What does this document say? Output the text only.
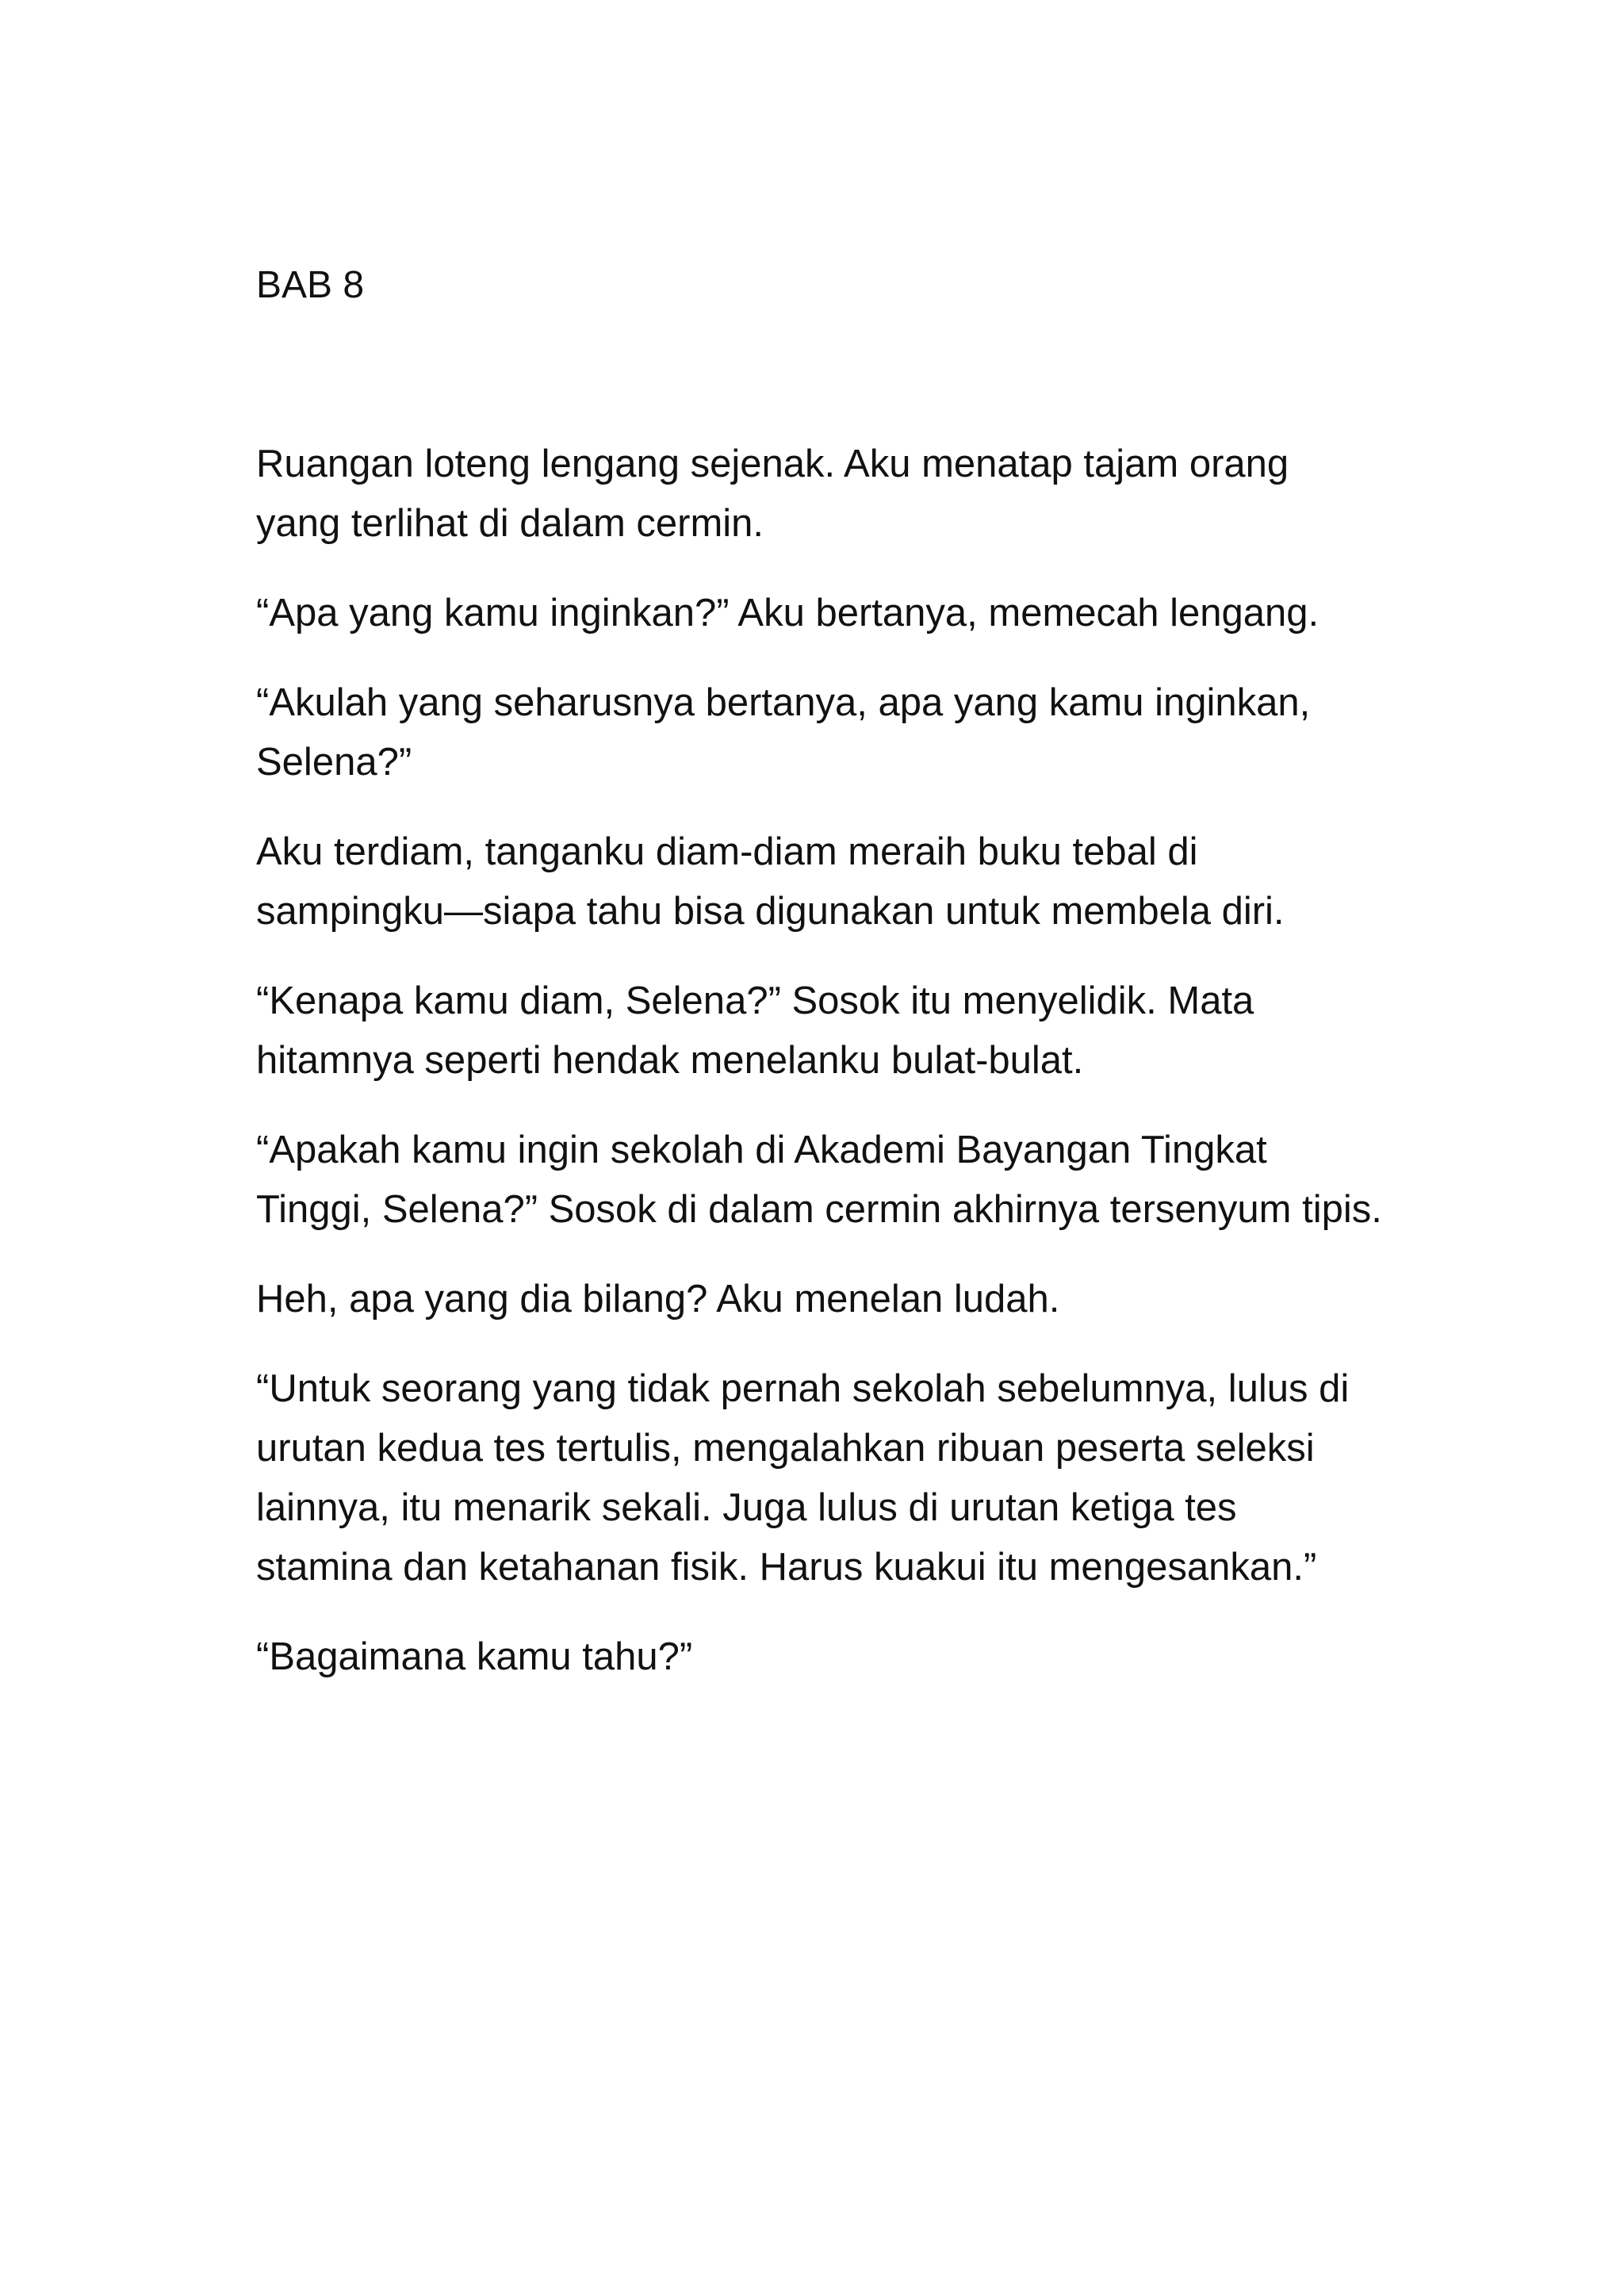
BAB 8

Ruangan loteng lengang sejenak. Aku menatap tajam orang yang terlihat di dalam cermin.

“Apa yang kamu inginkan?” Aku bertanya, memecah lengang.

“Akulah yang seharusnya bertanya, apa yang kamu inginkan, Selena?”

Aku terdiam, tanganku diam-diam meraih buku tebal di sampingku—siapa tahu bisa digunakan untuk membela diri.

“Kenapa kamu diam, Selena?” Sosok itu menyelidik. Mata hitamnya seperti hendak menelanku bulat-bulat.

“Apakah kamu ingin sekolah di Akademi Bayangan Tingkat Tinggi, Selena?” Sosok di dalam cermin akhirnya tersenyum tipis.

Heh, apa yang dia bilang? Aku menelan ludah.

“Untuk seorang yang tidak pernah sekolah sebelumnya, lulus di urutan kedua tes tertulis, mengalahkan ribuan peserta seleksi lainnya, itu menarik sekali. Juga lulus di urutan ketiga tes stamina dan ketahanan fisik. Harus kuakui itu mengesankan.”

“Bagaimana kamu tahu?”
